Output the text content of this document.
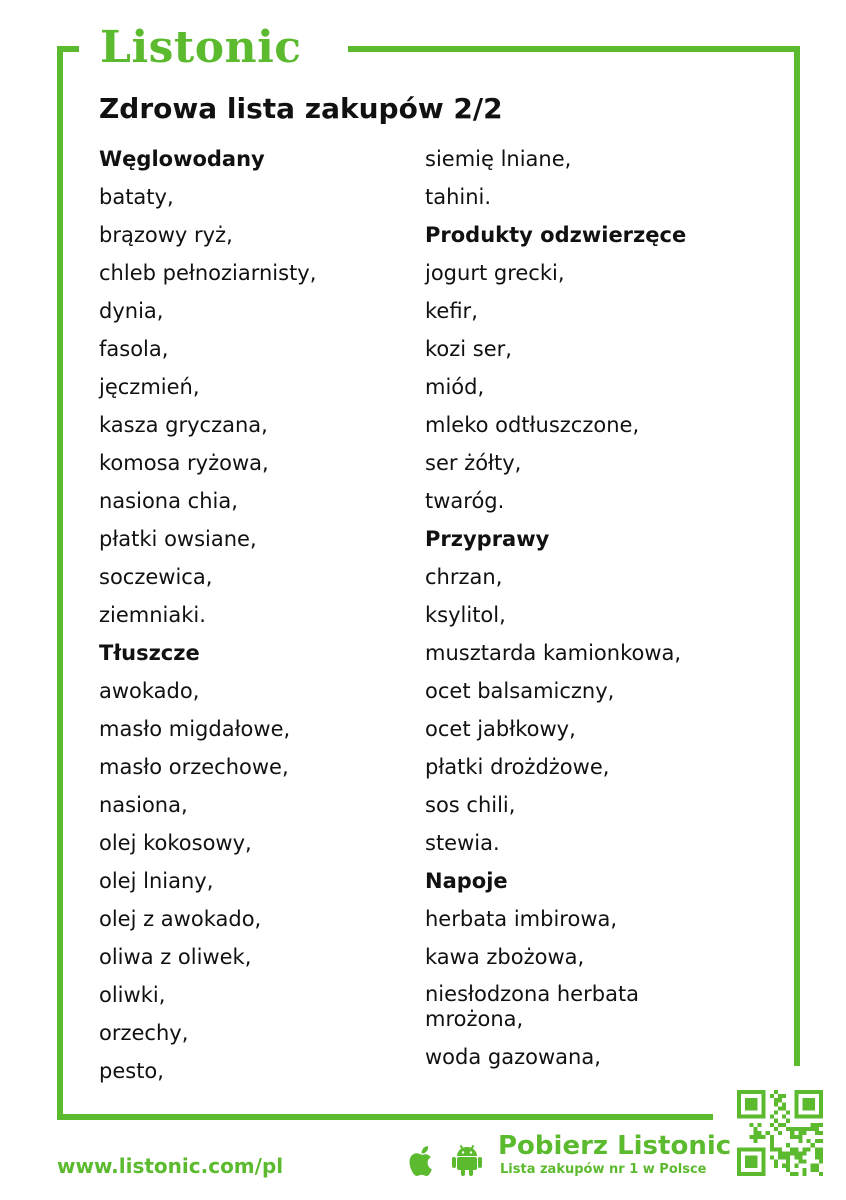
Listonic
Zdrowa lista zakupów 2/2
Węglowodany
bataty,
brązowy ryż,
chleb pełnoziarnisty,
dynia,
fasola,
jęczmień,
kasza gryczana,
komosa ryżowa,
nasiona chia,
płatki owsiane,
soczewica,
ziemniaki.
Tłuszcze
awokado,
masło migdałowe,
masło orzechowe,
nasiona,
olej kokosowy,
olej lniany,
olej z awokado,
oliwa z oliwek,
oliwki,
orzechy,
pesto,
siemię lniane,
tahini.
Produkty odzwierzęce
jogurt grecki,
kefir,
kozi ser,
miód,
mleko odtłuszczone,
ser żółty,
twaróg.
Przyprawy
chrzan,
ksylitol,
musztarda kamionkowa,
ocet balsamiczny,
ocet jabłkowy,
płatki drożdżowe,
sos chili,
stewia.
Napoje
herbata imbirowa,
kawa zbożowa,
niesłodzona herbata mrożona,
woda gazowana,
www.listonic.com/pl
Pobierz Listonic
Lista zakupów nr 1 w Polsce
